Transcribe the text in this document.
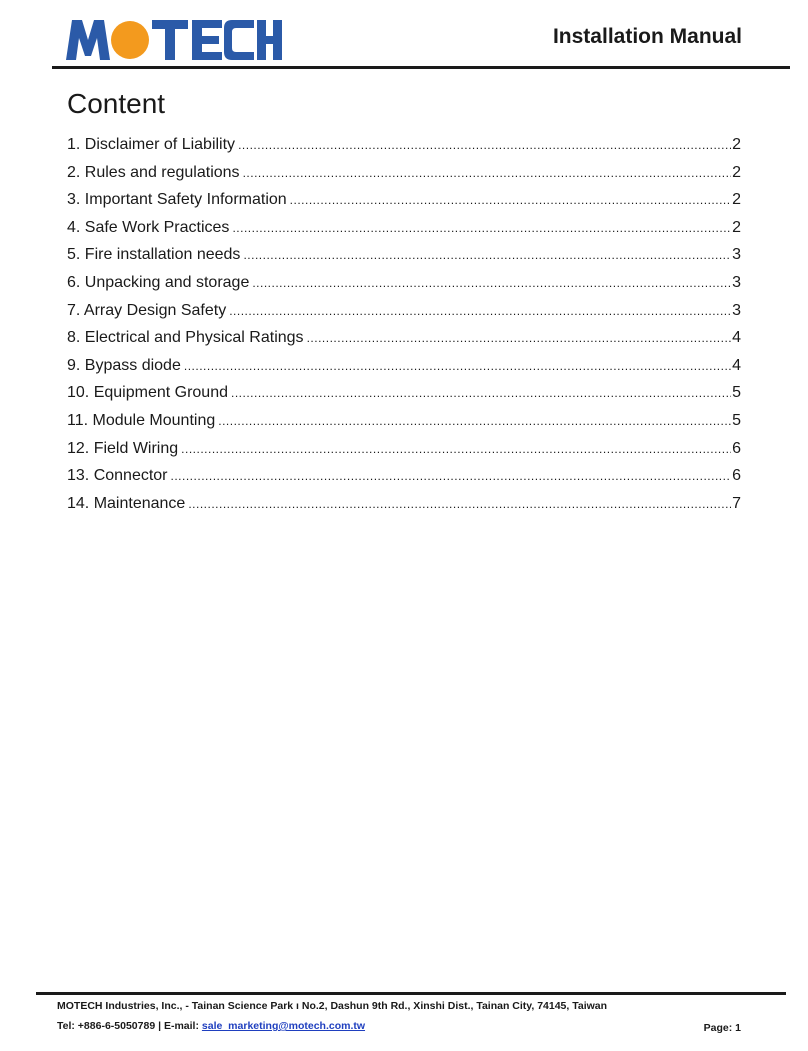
Installation Manual
Content
1. Disclaimer of Liability .....	2
2. Rules and regulations .....	2
3. Important Safety Information .....	2
4. Safe Work Practices .....	2
5. Fire installation needs .....	3
6. Unpacking and storage .....	3
7. Array Design Safety .....	3
8. Electrical and Physical Ratings .....	4
9. Bypass diode .....	4
10. Equipment Ground .....	5
11. Module Mounting .....	5
12. Field Wiring .....	6
13. Connector .....	6
14. Maintenance .....	7
MOTECH Industries, Inc., - Tainan Science Park ı No.2, Dashun 9th Rd., Xinshi Dist., Tainan City, 74145, Taiwan
Tel: +886-6-5050789 | E-mail: sale_marketing@motech.com.tw	Page: 1
